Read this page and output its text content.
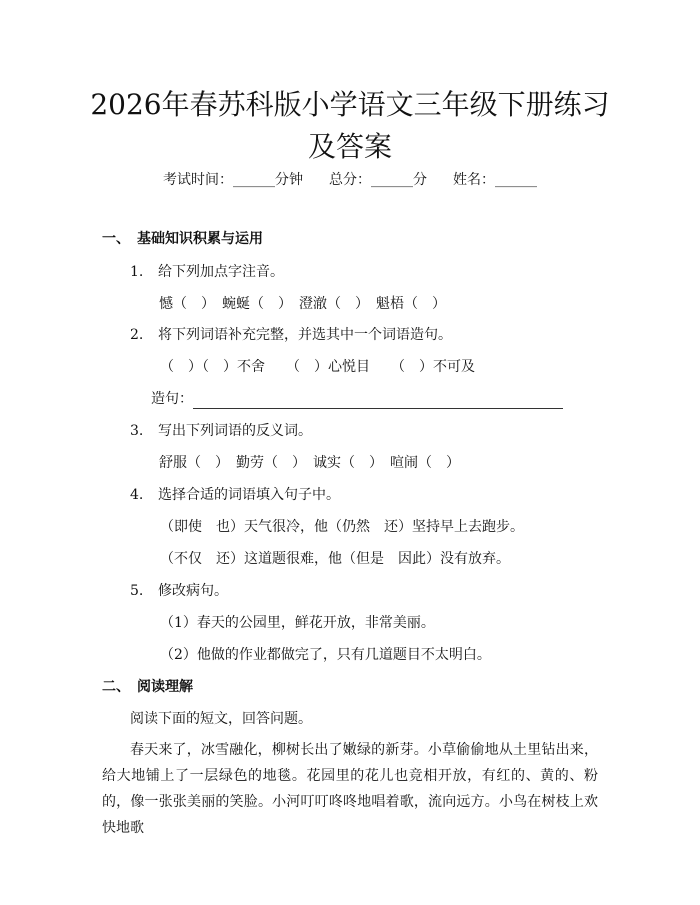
2026年春苏科版小学语文三年级下册练习及答案
考试时间：______分钟 总分：______分 姓名：______
一、　基础知识积累与运用
1. 给下列加点字注音。
憾（　）　蜿蜒（　）　澄澈（　）　魁梧（　）
2. 将下列词语补充完整，并选其中一个词语造句。
（　）（　）不舍　　（　）心悦目　　（　）不可及
造句：
3. 写出下列词语的反义词。
舒服（　）　勤劳（　）　诚实（　）　喧闹（　）
4. 选择合适的词语填入句子中。
（即使　也）天气很冷，他（仍然　还）坚持早上去跑步。
（不仅　还）这道题很难，他（但是　因此）没有放弃。
5. 修改病句。
（1）春天的公园里，鲜花开放，非常美丽。
（2）他做的作业都做完了，只有几道题目不太明白。
二、　阅读理解
阅读下面的短文，回答问题。
春天来了，冰雪融化，柳树长出了嫩绿的新芽。小草偷偷地从土里钻出来，给大地铺上了一层绿色的地毯。花园里的花儿也竞相开放，有红的、黄的、粉的，像一张张美丽的笑脸。小河叮叮咚咚地唱着歌，流向远方。小鸟在树枝上欢快地歌
